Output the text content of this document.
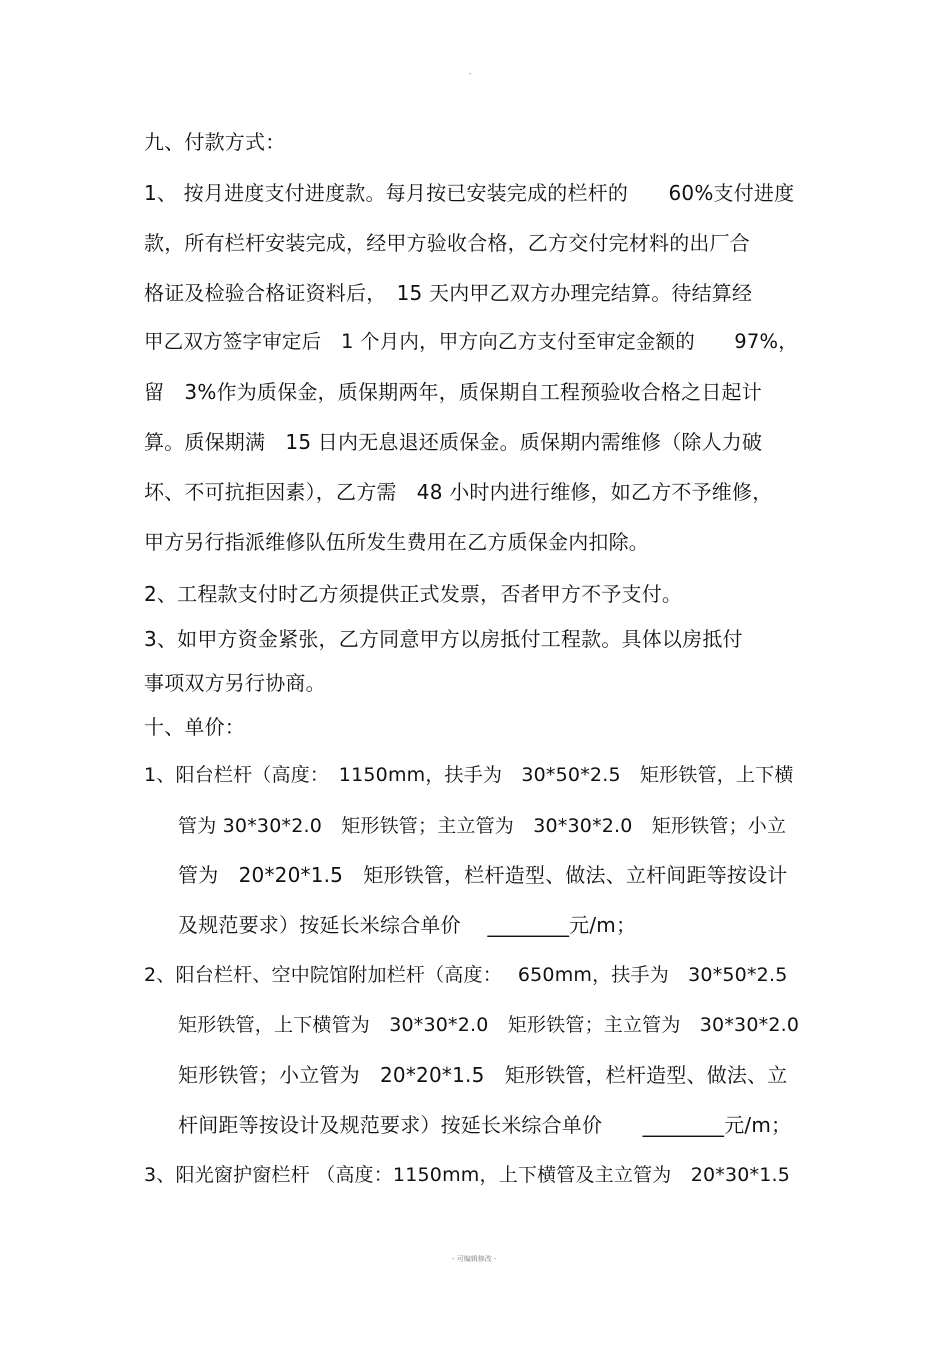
-
九、付款方式：
1、 按月进度支付进度款。每月按已安装完成的栏杆的　　60%支付进度
款，所有栏杆安装完成，经甲方验收合格，乙方交付完材料的出厂合
格证及检验合格证资料后，　15 天内甲乙双方办理完结算。待结算经
甲乙双方签字审定后　1 个月内，甲方向乙方支付至审定金额的　　97%，
留　3%作为质保金，质保期两年，质保期自工程预验收合格之日起计
算。质保期满　15 日内无息退还质保金。质保期内需维修（除人力破
坏、不可抗拒因素），乙方需　48 小时内进行维修，如乙方不予维修，
甲方另行指派维修队伍所发生费用在乙方质保金内扣除。
2、工程款支付时乙方须提供正式发票，否者甲方不予支付。
3、如甲方资金紧张，乙方同意甲方以房抵付工程款。具体以房抵付
事项双方另行协商。
十、单价：
1、阳台栏杆（高度：　1150mm，扶手为　30*50*2.5　矩形铁管，上下横
管为 30*30*2.0　矩形铁管；主立管为　30*30*2.0　矩形铁管；小立
管为　20*20*1.5　矩形铁管，栏杆造型、做法、立杆间距等按设计
及规范要求）按延长米综合单价　 ________元/m；
2、阳台栏杆、空中院馆附加栏杆（高度：　 650mm，扶手为　30*50*2.5
矩形铁管，上下横管为　30*30*2.0　矩形铁管；主立管为　30*30*2.0
矩形铁管；小立管为　20*20*1.5　矩形铁管，栏杆造型、做法、立
杆间距等按设计及规范要求）按延长米综合单价　　________元/m；
3、阳光窗护窗栏杆 （高度：1150mm，上下横管及主立管为　20*30*1.5
- 可编辑修改 -
